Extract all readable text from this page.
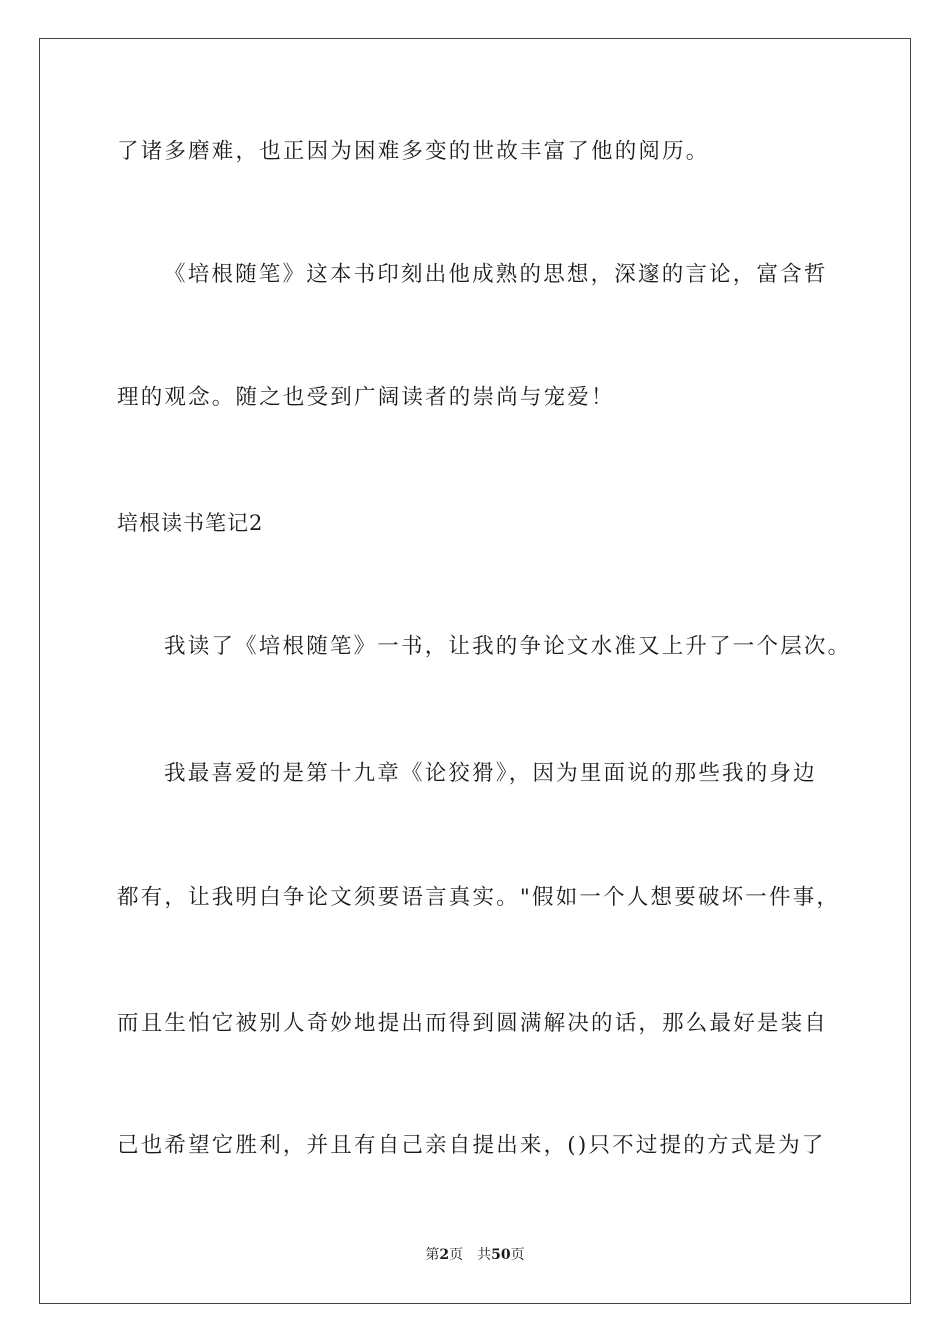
了诸多磨难，也正因为困难多变的世故丰富了他的阅历。
《培根随笔》这本书印刻出他成熟的思想，深邃的言论，富含哲
理的观念。随之也受到广阔读者的崇尚与宠爱！
培根读书笔记2
我读了《培根随笔》一书，让我的争论文水准又上升了一个层次。
我最喜爱的是第十九章《论狡猾》，因为里面说的那些我的身边
都有，让我明白争论文须要语言真实。"假如一个人想要破坏一件事，
而且生怕它被别人奇妙地提出而得到圆满解决的话，那么最好是装自
己也希望它胜利，并且有自己亲自提出来，()只不过提的方式是为了
第2页 共50页
